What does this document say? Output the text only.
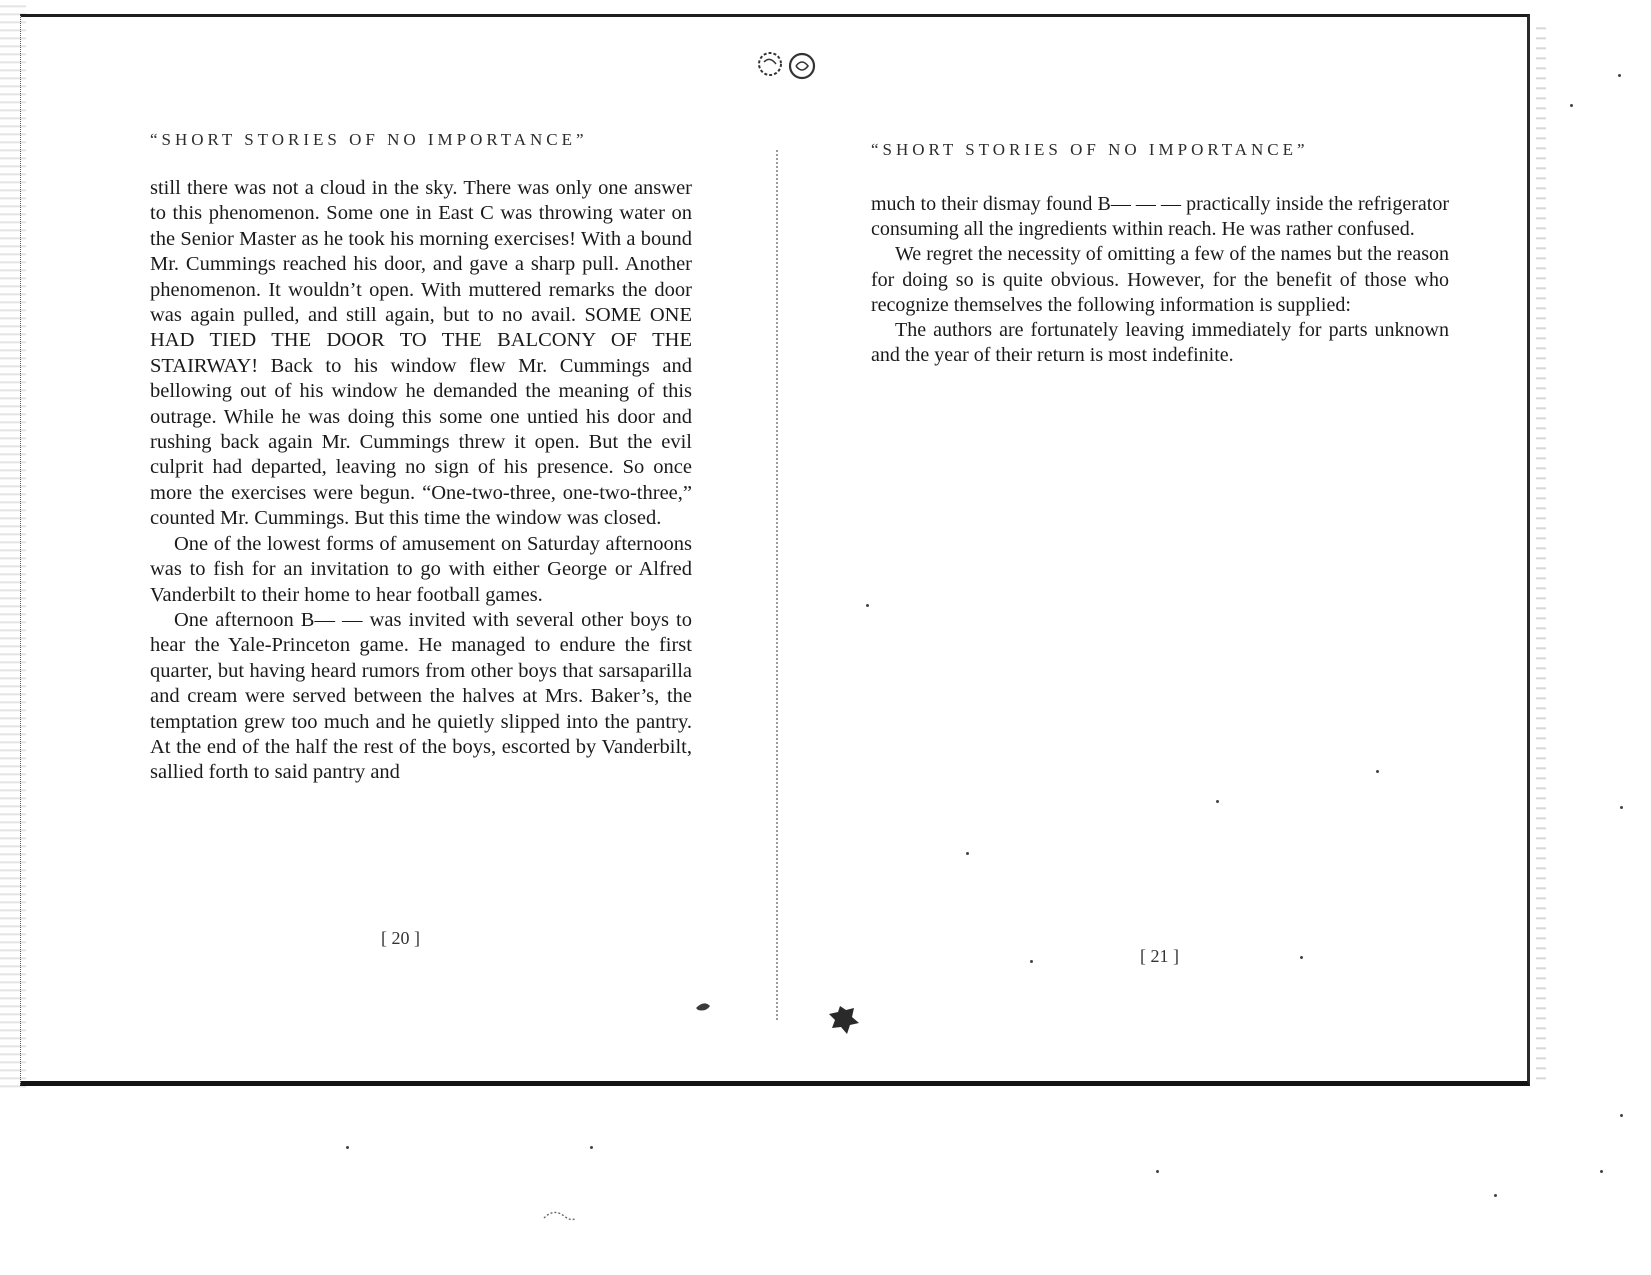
“SHORT STORIES OF NO IMPORTANCE”

still there was not a cloud in the sky. There was only one answer to this phenomenon. Some one in East C was throwing water on the Senior Master as he took his morning exercises! With a bound Mr. Cummings reached his door, and gave a sharp pull. Another phenomenon. It wouldn’t open. With muttered remarks the door was again pulled, and still again, but to no avail. SOME ONE HAD TIED THE DOOR TO THE BALCONY OF THE STAIRWAY! Back to his window flew Mr. Cummings and bellowing out of his window he demanded the meaning of this outrage. While he was doing this some one untied his door and rushing back again Mr. Cummings threw it open. But the evil culprit had departed, leaving no sign of his presence. So once more the exercises were begun. “One-two-three, one-two-three,” counted Mr. Cummings. But this time the window was closed.

One of the lowest forms of amusement on Saturday afternoons was to fish for an invitation to go with either George or Alfred Vanderbilt to their home to hear football games.

One afternoon B— — was invited with several other boys to hear the Yale-Princeton game. He managed to endure the first quarter, but having heard rumors from other boys that sarsaparilla and cream were served between the halves at Mrs. Baker’s, the temptation grew too much and he quietly slipped into the pantry. At the end of the half the rest of the boys, escorted by Vanderbilt, sallied forth to said pantry and

[ 20 ]
“SHORT STORIES OF NO IMPORTANCE”

much to their dismay found B— — — practically inside the refrigerator consuming all the ingredients within reach. He was rather confused.

We regret the necessity of omitting a few of the names but the reason for doing so is quite obvious. However, for the benefit of those who recognize themselves the following information is supplied:

The authors are fortunately leaving immediately for parts unknown and the year of their return is most indefinite.

[ 21 ]
